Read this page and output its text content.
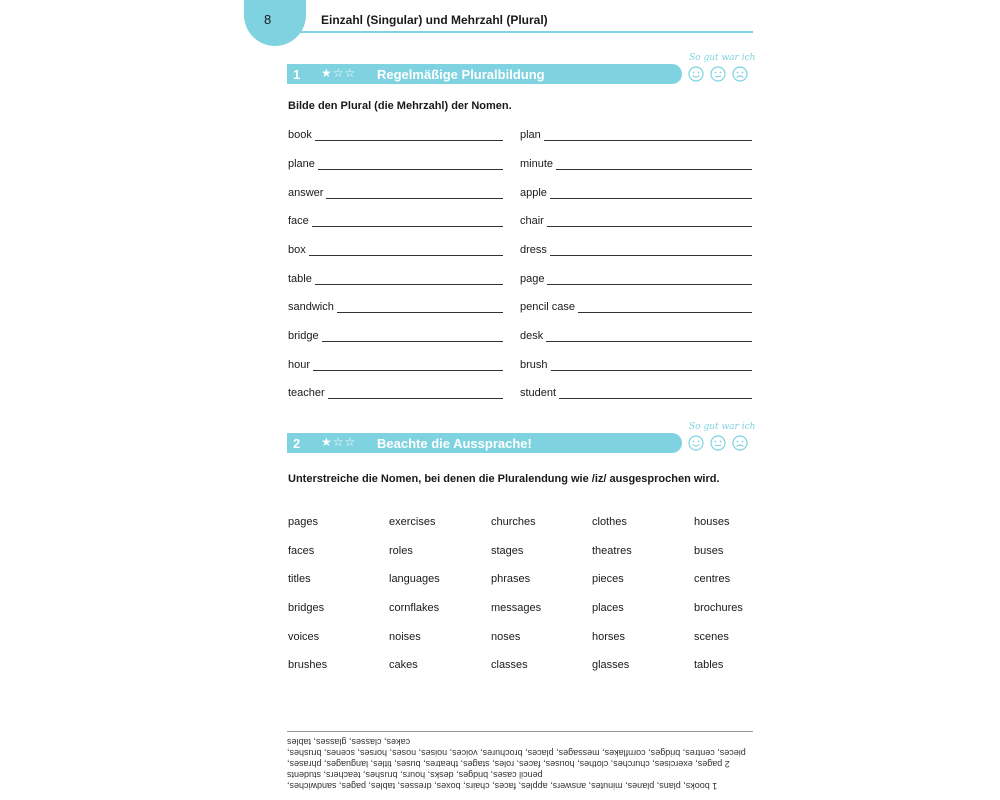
8	Einzahl (Singular) und Mehrzahl (Plural)
So gut war ich
1 ★☆☆ Regelmäßige Pluralbildung
Bilde den Plural (die Mehrzahl) der Nomen.
book
plane
answer
face
box
table
sandwich
bridge
hour
teacher
plan
minute
apple
chair
dress
page
pencil case
desk
brush
student
So gut war ich
2 ★☆☆ Beachte die Aussprache!
Unterstreiche die Nomen, bei denen die Pluralendung wie /iz/ ausgesprochen wird.
pages	exercises	churches	clothes	houses
faces	roles	stages	theatres	buses
titles	languages	phrases	pieces	centres
bridges	cornflakes	messages	places	brochures
voices	noises	noses	horses	scenes
brushes	cakes	classes	glasses	tables

1 books, plans, planes, minutes, answers, apples, faces, chairs, boxes, dresses, tables, pages, sandwiches,

pencil cases, bridges, desks, hours, brushes, teachers, students

2 pages, exercises, churches, clothes, houses, faces, roles, stages, theatres, buses, titles, languages, phrases,

pieces, centres, bridges, cornflakes, messages, places, brochures, voices, noises, noses, horses, scenes, brushes,

cakes, classes, glasses, tables
